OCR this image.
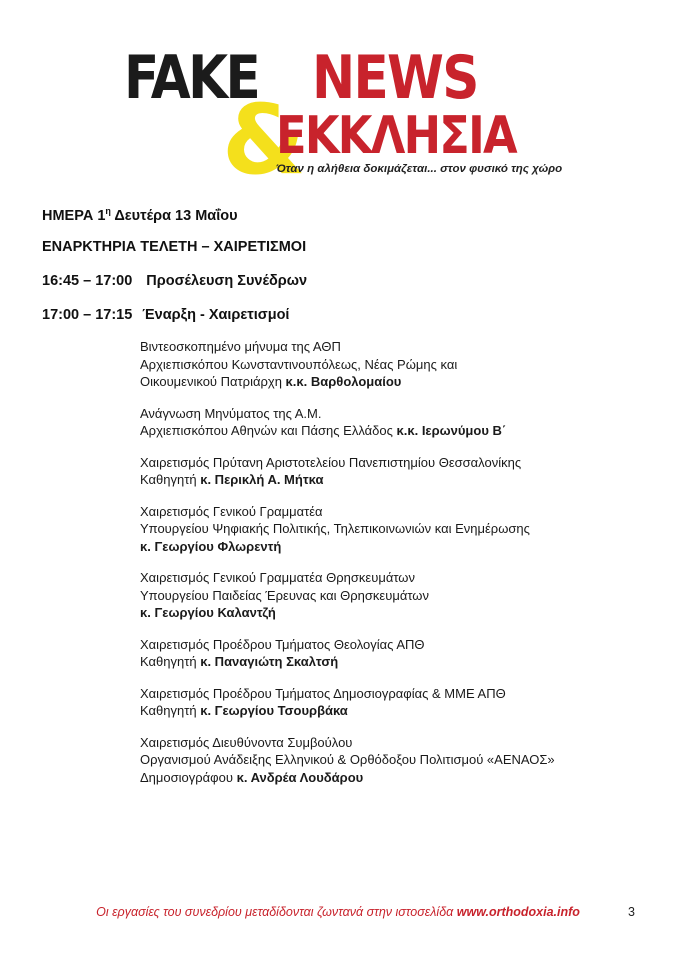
FAKE NEWS
&
ΕΚΚΛΗΣΙΑ
Όταν η αλήθεια δοκιμάζεται... στον φυσικό της χώρο
ΗΜΕΡΑ $1^\eta$ Δευτέρα 13 Μαΐου
ΕΝΑΡΚΤΗΡΙΑ ΤΕΛΕΤΗ – ΧΑΙΡΕΤΙΣΜΟΙ
16:45 – 17:00 Προσέλευση Συνέδρων
17:00 – 17:15 Έναρξη - Χαιρετισμοί
Βιντεοσκοπημένο μήνυμα της ΑΘΠ
Αρχιεπισκόπου Κωνσταντινουπόλεως, Νέας Ρώμης και
Οικουμενικού Πατριάρχη κ.κ. Βαρθολομαίου
Ανάγνωση Μηνύματος της Α.Μ.
Αρχιεπισκόπου Αθηνών και Πάσης Ελλάδος κ.κ. Ιερωνύμου Β΄
Χαιρετισμός Πρύτανη Αριστοτελείου Πανεπιστημίου Θεσσαλονίκης
Καθηγητή κ. Περικλή Α. Μήτκα
Χαιρετισμός Γενικού Γραμματέα
Υπουργείου Ψηφιακής Πολιτικής, Τηλεπικοινωνιών και Ενημέρωσης
κ. Γεωργίου Φλωρεντή
Χαιρετισμός Γενικού Γραμματέα Θρησκευμάτων
Υπουργείου Παιδείας Έρευνας και Θρησκευμάτων
κ. Γεωργίου Καλαντζή
Χαιρετισμός Προέδρου Τμήματος Θεολογίας ΑΠΘ
Καθηγητή κ. Παναγιώτη Σκαλτσή
Χαιρετισμός Προέδρου Τμήματος Δημοσιογραφίας & ΜΜΕ ΑΠΘ
Καθηγητή κ. Γεωργίου Τσουρβάκα
Χαιρετισμός Διευθύνοντα Συμβούλου
Οργανισμού Ανάδειξης Ελληνικού & Ορθόδοξου Πολιτισμού «ΑΕΝΑΟΣ»
Δημοσιογράφου κ. Ανδρέα Λουδάρου
Οι εργασίες του συνεδρίου μεταδίδονται ζωντανά στην ιστοσελίδα www.orthodoxia.info	3
